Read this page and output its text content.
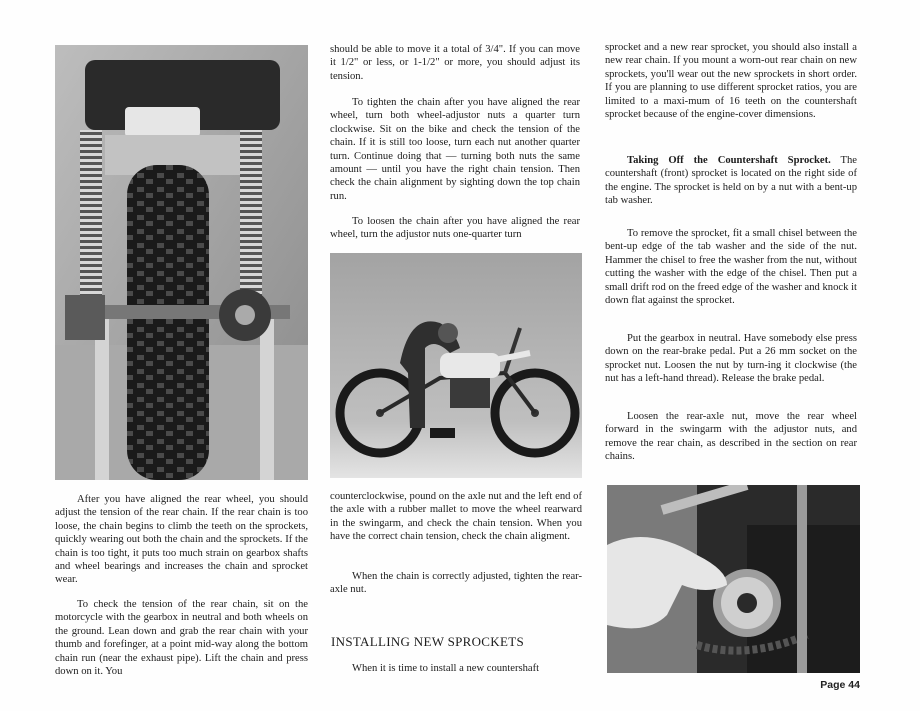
After you have aligned the rear wheel, you should adjust the tension of the rear chain. If the rear chain is too loose, the chain begins to climb the teeth on the sprockets, quickly wearing out both the chain and the sprockets. If the chain is too tight, it puts too much strain on gearbox shafts and wheel bearings and increases the chain and sprocket wear.

To check the tension of the rear chain, sit on the motorcycle with the gearbox in neutral and both wheels on the ground. Lean down and grab the rear chain with your thumb and forefinger, at a point mid-way along the bottom chain run (near the exhaust pipe). Lift the chain and press down on it. You

should be able to move it a total of 3/4". If you can move it 1/2" or less, or 1-1/2" or more, you should adjust its tension.

To tighten the chain after you have aligned the rear wheel, turn both wheel-adjustor nuts a quarter turn clockwise. Sit on the bike and check the tension of the chain. If it is still too loose, turn each nut another quarter turn. Continue doing that — turning both nuts the same amount — until you have the right chain tension. Then check the chain alignment by sighting down the top chain run.

To loosen the chain after you have aligned the rear wheel, turn the adjustor nuts one-quarter turn

counterclockwise, pound on the axle nut and the left end of the axle with a rubber mallet to move the wheel rearward in the swingarm, and check the chain tension. When you have the correct chain tension, check the chain aligment.

When the chain is correctly adjusted, tighten the rear-axle nut.

INSTALLING NEW SPROCKETS

When it is time to install a new countershaft

sprocket and a new rear sprocket, you should also install a new rear chain. If you mount a worn-out rear chain on new sprockets, you'll wear out the new sprockets in short order. If you are planning to use different sprocket ratios, you are limited to a maxi-mum of 16 teeth on the countershaft sprocket because of the engine-cover dimensions.

Taking Off the Countershaft Sprocket. The countershaft (front) sprocket is located on the right side of the engine. The sprocket is held on by a nut with a bent-up tab washer.

To remove the sprocket, fit a small chisel between the bent-up edge of the tab washer and the side of the nut. Hammer the chisel to free the washer from the nut, without cutting the washer with the edge of the chisel. Then put a small drift rod on the freed edge of the washer and knock it down flat against the sprocket.

Put the gearbox in neutral. Have somebody else press down on the rear-brake pedal. Put a 26 mm socket on the sprocket nut. Loosen the nut by turn-ing it clockwise (the nut has a left-hand thread). Release the brake pedal.

Loosen the rear-axle nut, move the rear wheel forward in the swingarm with the adjustor nuts, and remove the rear chain, as described in the section on rear chains.

Page 44
